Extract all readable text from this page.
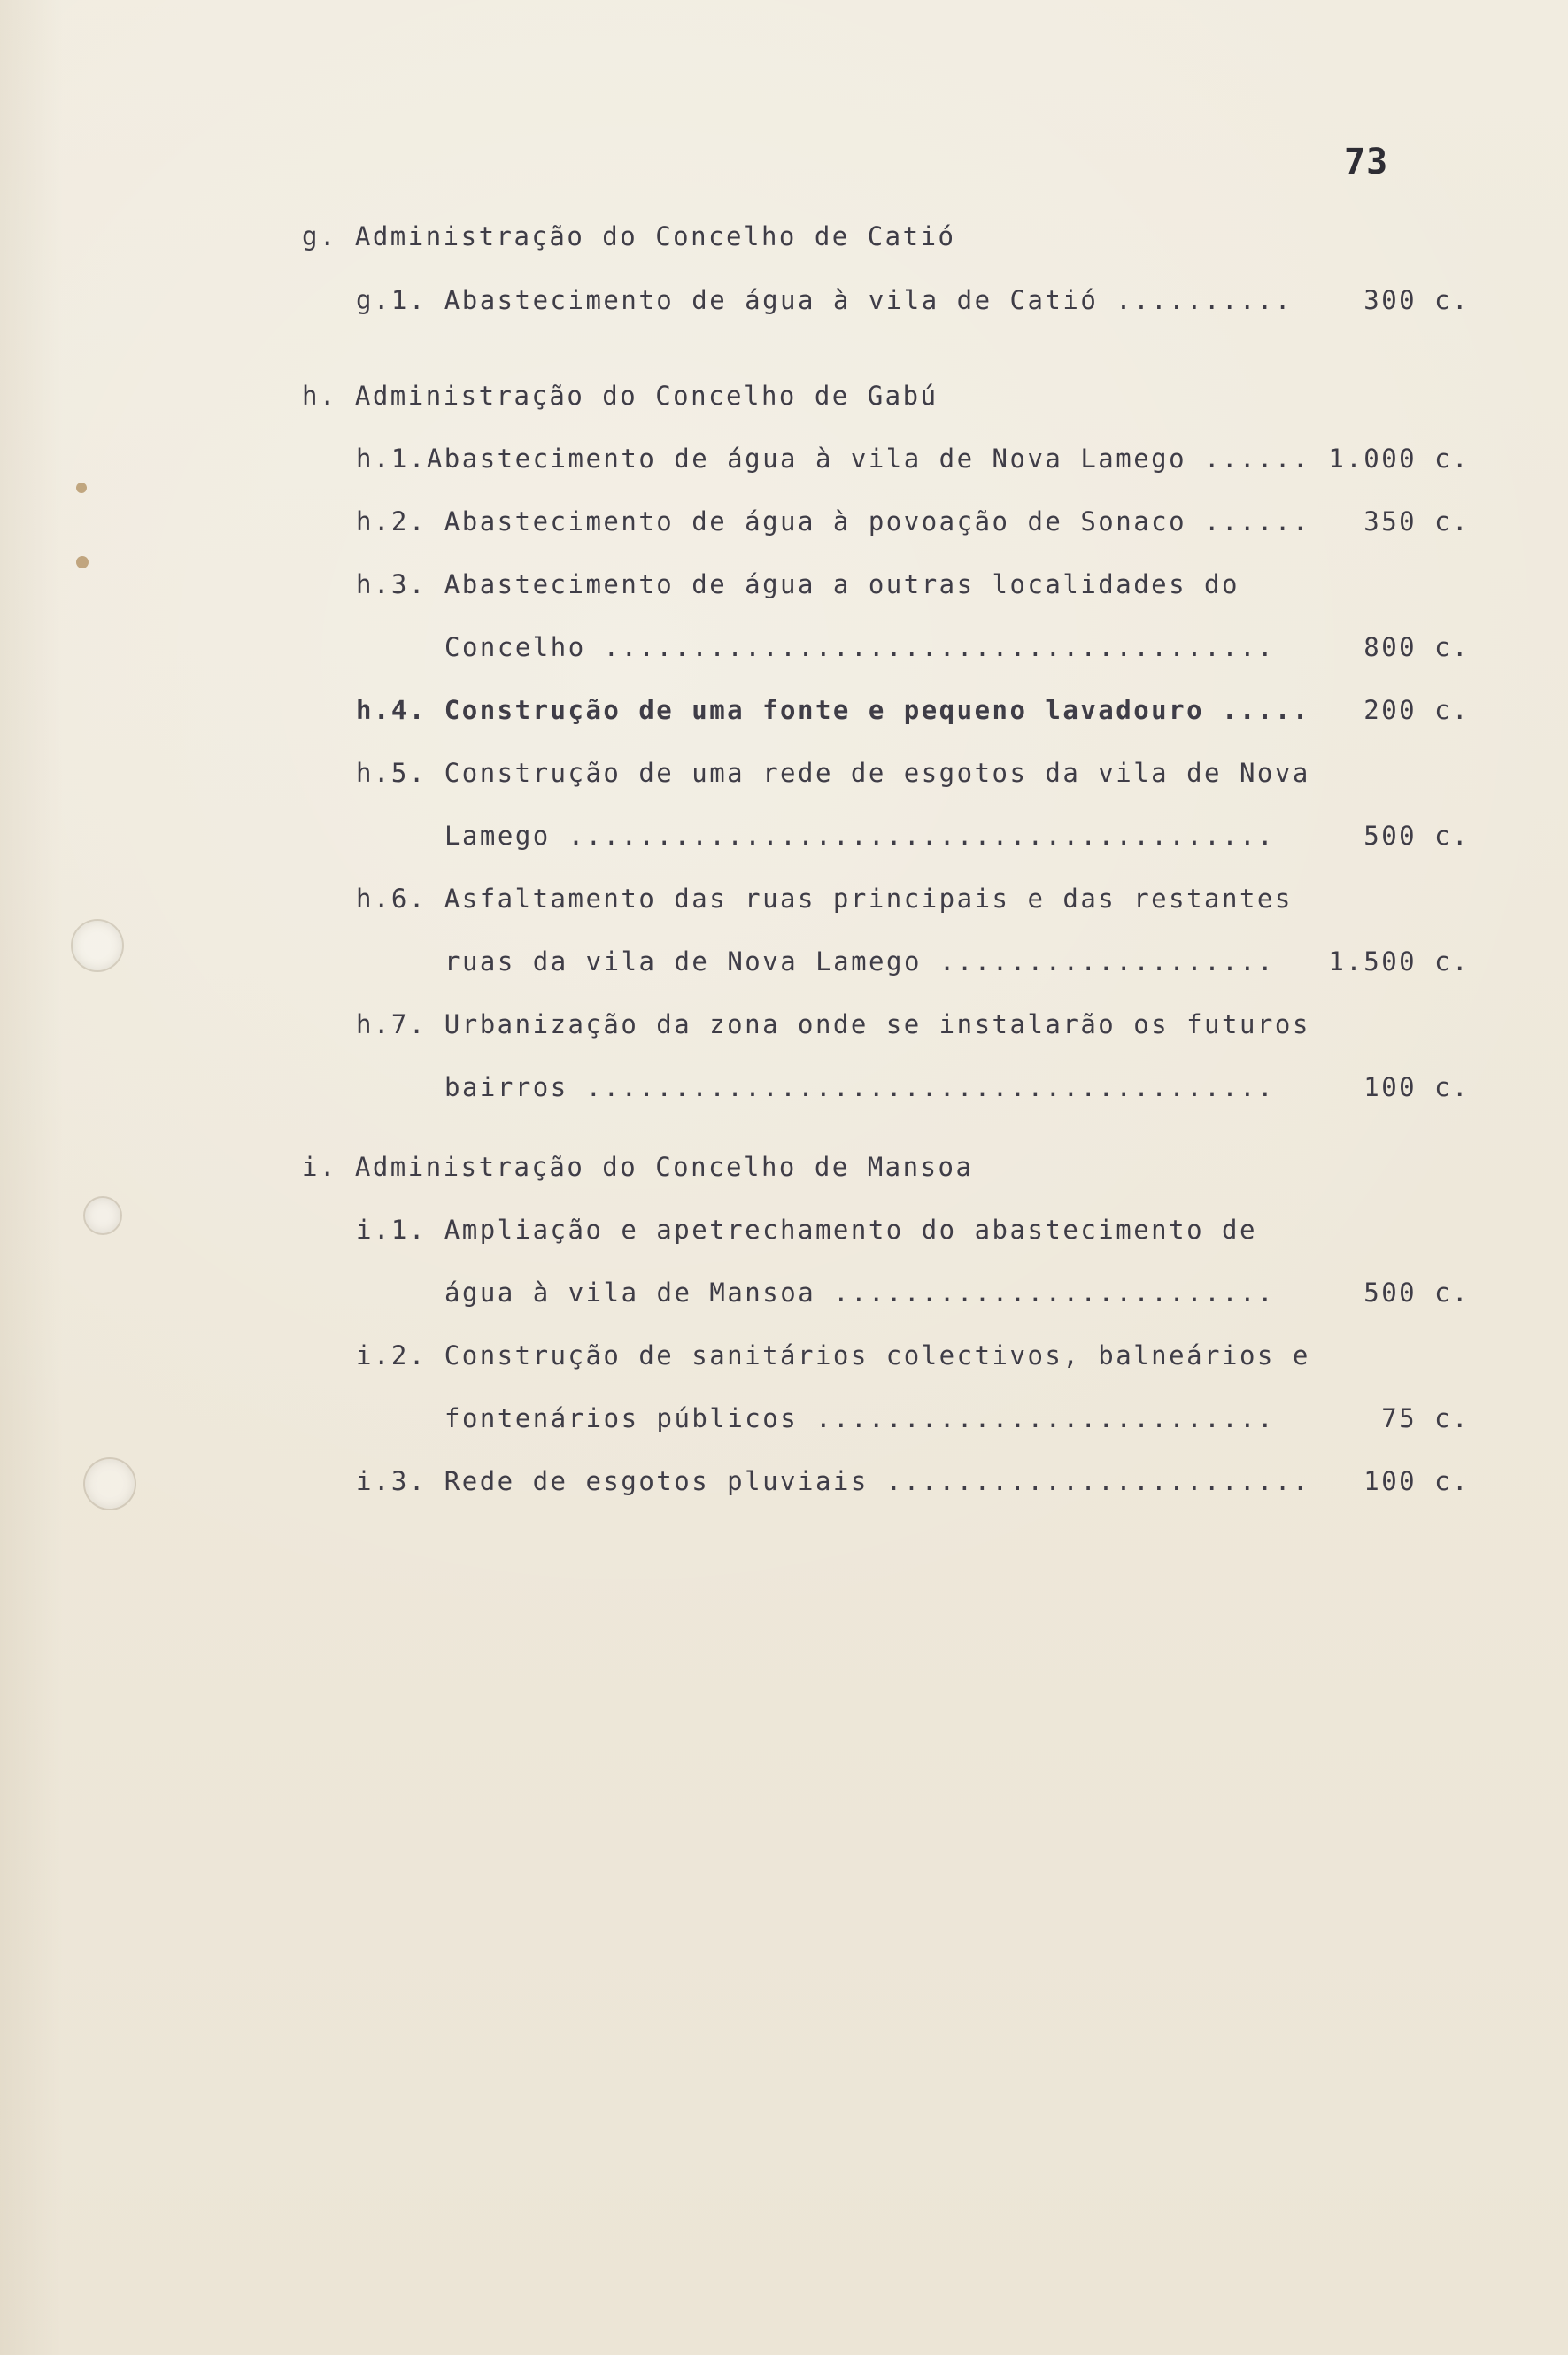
73
g. Administração do Concelho de Catió
g.1. Abastecimento de água à vila de Catió ..........	300 c.
h. Administração do Concelho de Gabú
h.1.Abastecimento de água à vila de Nova Lamego ...... 1.000 c.
h.2. Abastecimento de água à povoação de Sonaco ......	350 c.
h.3. Abastecimento de água a outras localidades do
Concelho ......................................	800 c.
h.4. Construção de uma fonte e pequeno lavadouro .....	200 c.
h.5. Construção de uma rede de esgotos da vila de Nova
Lamego ........................................	500 c.
h.6. Asfaltamento das ruas principais e das restantes
ruas da vila de Nova Lamego ...................	1.500 c.
h.7. Urbanização da zona onde se instalarão os futuros
bairros .......................................	100 c.
i. Administração do Concelho de Mansoa
i.1. Ampliação e apetrechamento do abastecimento de
água à vila de Mansoa .........................	500 c.
i.2. Construção de sanitários colectivos, balneários e
fontenários públicos ..........................	75 c.
i.3. Rede de esgotos pluviais ........................	100 c.
